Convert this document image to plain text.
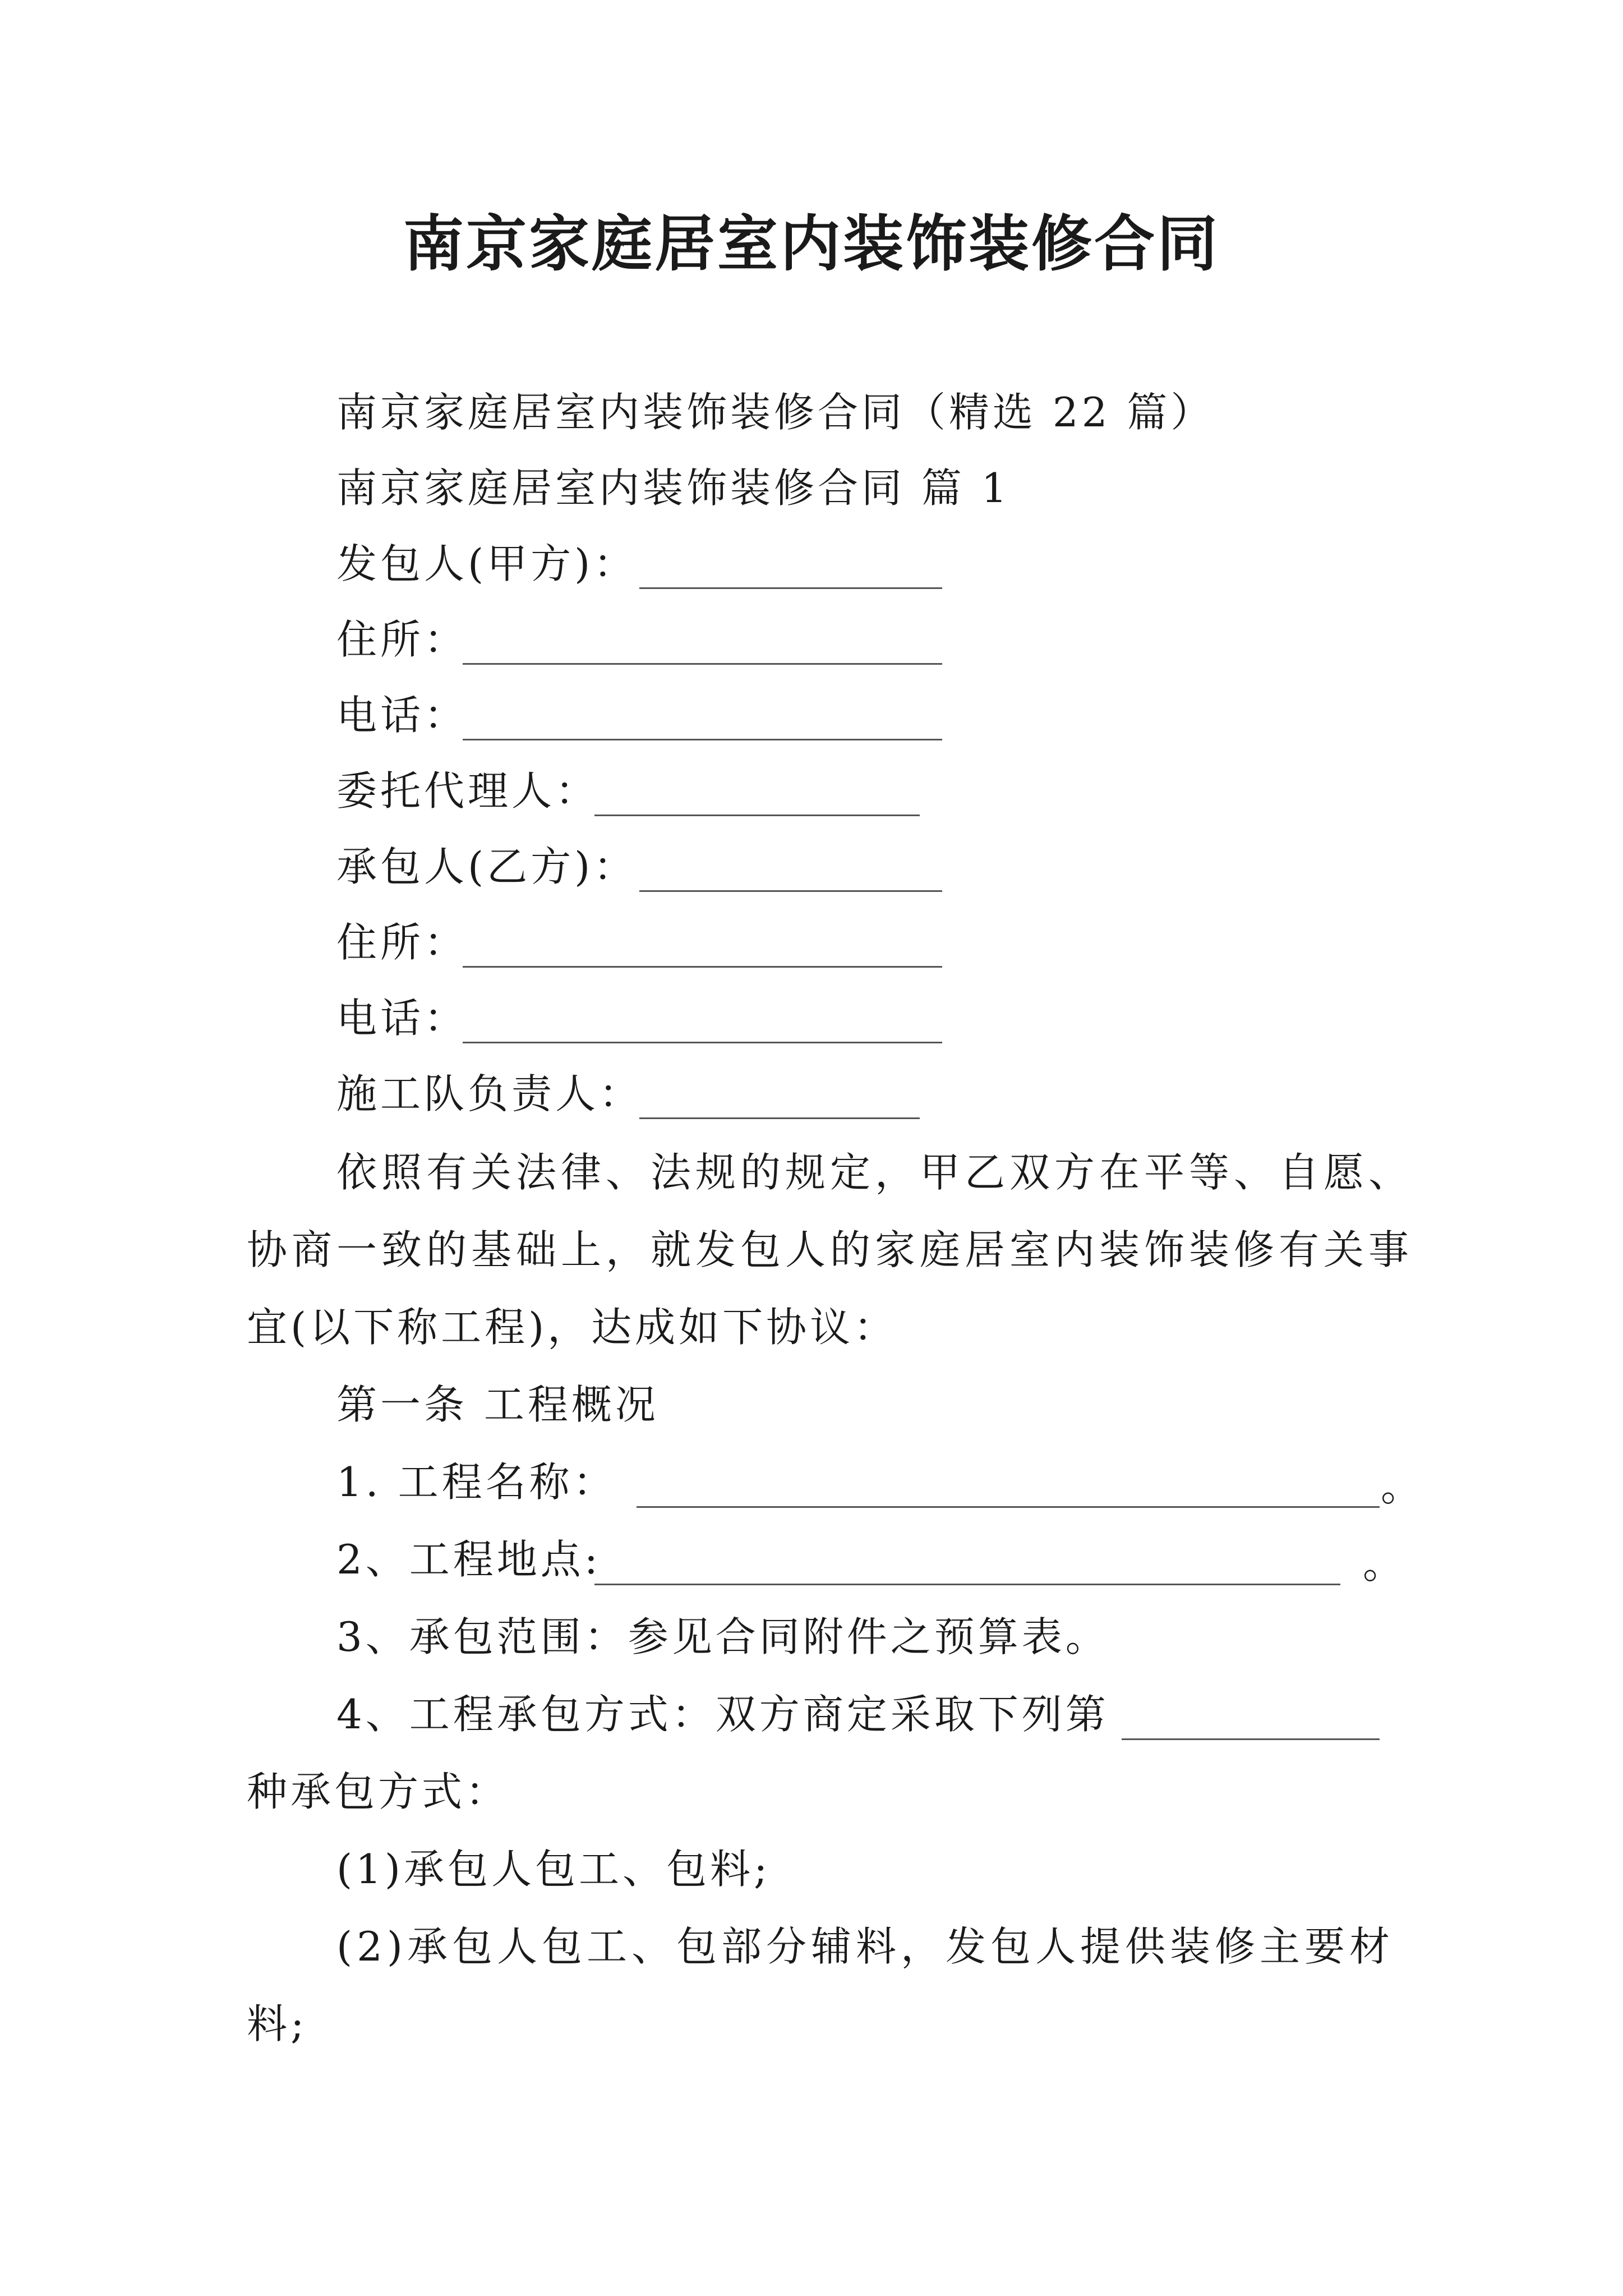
南京家庭居室内装饰装修合同
南京家庭居室内装饰装修合同（精选 22 篇）
南京家庭居室内装饰装修合同 篇 1
发包人(甲方)：
住所：
电话：
委托代理人：
承包人(乙方)：
住所：
电话：
施工队负责人：
依照有关法律、法规的规定，甲乙双方在平等、自愿、
协商一致的基础上，就发包人的家庭居室内装饰装修有关事
宜(以下称工程)，达成如下协议：
第一条 工程概况
1. 工程名称：	。
2、工程地点:	。
3、承包范围：参见合同附件之预算表。
4、工程承包方式：双方商定采取下列第
种承包方式：
(1)承包人包工、包料;
(2)承包人包工、包部分辅料，发包人提供装修主要材
料;
